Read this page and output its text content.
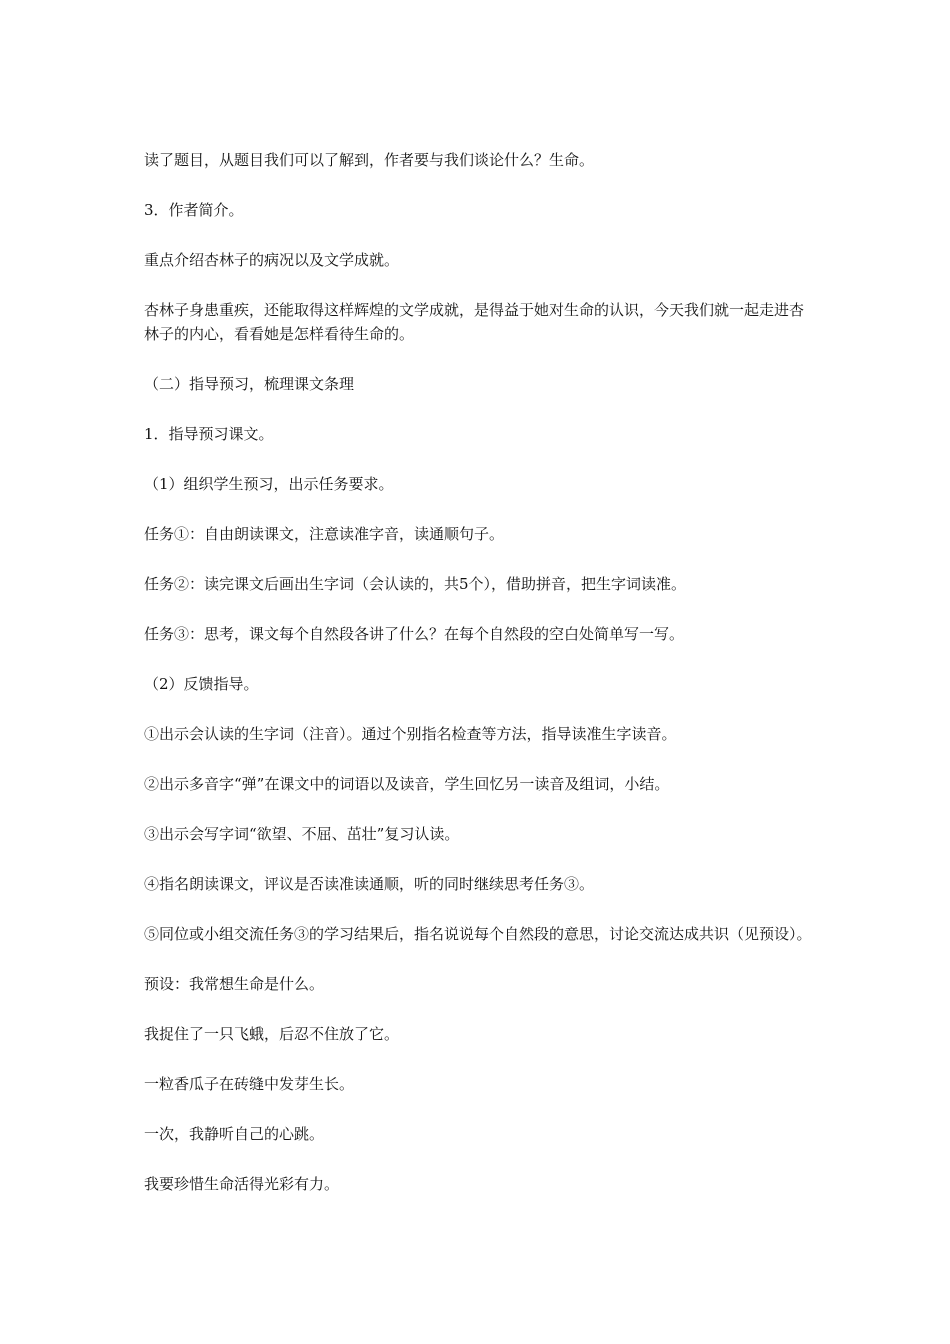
读了题目，从题目我们可以了解到，作者要与我们谈论什么？生命。

3．作者简介。

重点介绍杏林子的病况以及文学成就。

杏林子身患重疾，还能取得这样辉煌的文学成就，是得益于她对生命的认识，今天我们就一起走进杏林子的内心，看看她是怎样看待生命的。

（二）指导预习，梳理课文条理

1．指导预习课文。

（1）组织学生预习，出示任务要求。

任务①：自由朗读课文，注意读准字音，读通顺句子。

任务②：读完课文后画出生字词（会认读的，共5个），借助拼音，把生字词读准。

任务③：思考，课文每个自然段各讲了什么？在每个自然段的空白处简单写一写。

（2）反馈指导。

①出示会认读的生字词（注音）。通过个别指名检查等方法，指导读准生字读音。

②出示多音字“弹”在课文中的词语以及读音，学生回忆另一读音及组词，小结。

③出示会写字词“欲望、不屈、茁壮”复习认读。

④指名朗读课文，评议是否读准读通顺，听的同时继续思考任务③。

⑤同位或小组交流任务③的学习结果后，指名说说每个自然段的意思，讨论交流达成共识（见预设）。

预设：我常想生命是什么。

我捉住了一只飞蛾，后忍不住放了它。

一粒香瓜子在砖缝中发芽生长。

一次，我静听自己的心跳。

我要珍惜生命活得光彩有力。
